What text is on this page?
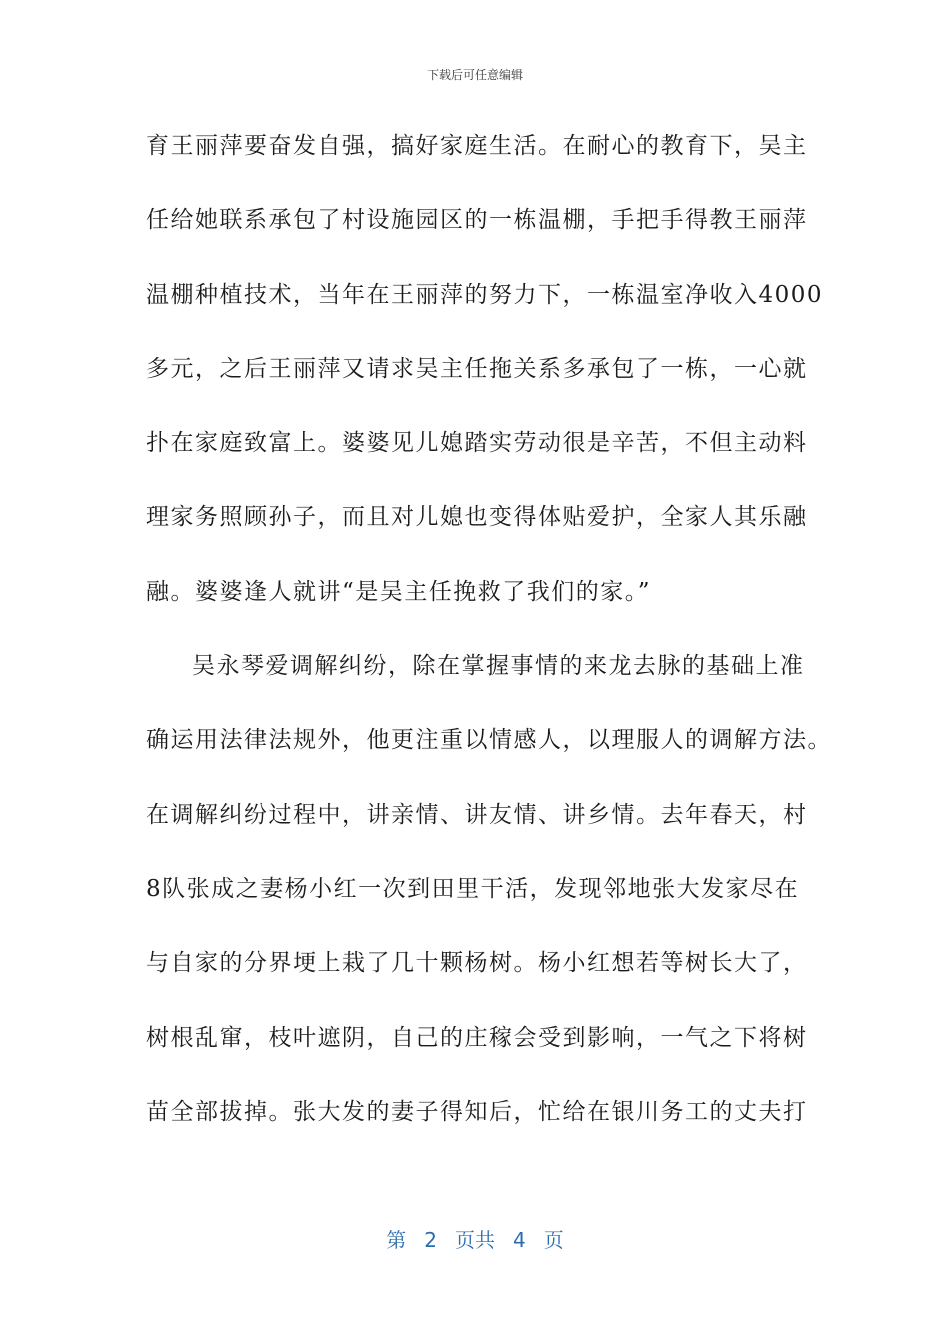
下载后可任意编辑
育王丽萍要奋发自强，搞好家庭生活。在耐心的教育下，吴主
任给她联系承包了村设施园区的一栋温棚，手把手得教王丽萍
温棚种植技术，当年在王丽萍的努力下，一栋温室净收入4000
多元，之后王丽萍又请求吴主任拖关系多承包了一栋，一心就
扑在家庭致富上。婆婆见儿媳踏实劳动很是辛苦，不但主动料
理家务照顾孙子，而且对儿媳也变得体贴爱护，全家人其乐融
融。婆婆逢人就讲“是吴主任挽救了我们的家。”
吴永琴爱调解纠纷，除在掌握事情的来龙去脉的基础上准
确运用法律法规外，他更注重以情感人，以理服人的调解方法。
在调解纠纷过程中，讲亲情、讲友情、讲乡情。去年春天，村
8队张成之妻杨小红一次到田里干活，发现邻地张大发家尽在
与自家的分界埂上栽了几十颗杨树。杨小红想若等树长大了，
树根乱窜，枝叶遮阴，自己的庄稼会受到影响，一气之下将树
苗全部拔掉。张大发的妻子得知后，忙给在银川务工的丈夫打
第 2 页共 4 页
